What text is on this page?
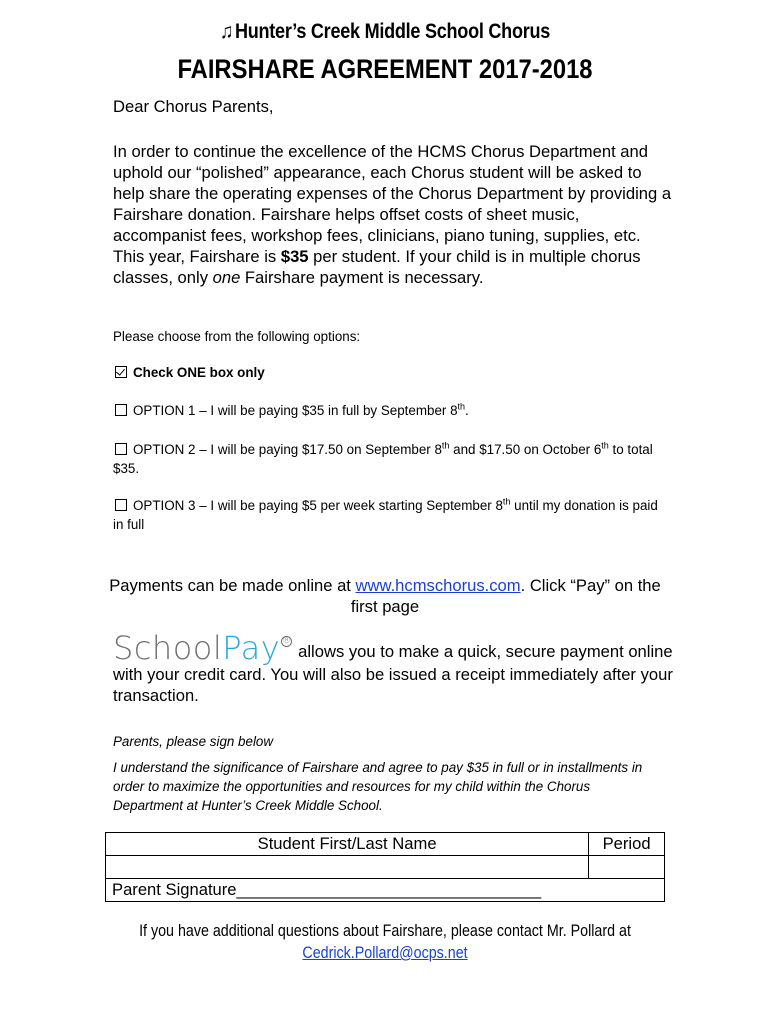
♫Hunter’s Creek Middle School Chorus
FAIRSHARE AGREEMENT 2017-2018
Dear Chorus Parents,
In order to continue the excellence of the HCMS Chorus Department and uphold our “polished” appearance, each Chorus student will be asked to help share the operating expenses of the Chorus Department by providing a Fairshare donation. Fairshare helps offset costs of sheet music, accompanist fees, workshop fees, clinicians, piano tuning, supplies, etc. This year, Fairshare is $35 per student. If your child is in multiple chorus classes, only one Fairshare payment is necessary.
Please choose from the following options:
Check ONE box only
OPTION 1 – I will be paying $35 in full by September 8th.
OPTION 2 – I will be paying $17.50 on September 8th and $17.50 on October 6th to total $35.
OPTION 3 – I will be paying $5 per week starting September 8th until my donation is paid in full
Payments can be made online at www.hcmschorus.com. Click “Pay” on the first page
SchoolPay ®allows you to make a quick, secure payment online with your credit card. You will also be issued a receipt immediately after your transaction.
Parents, please sign below
I understand the significance of Fairshare and agree to pay $35 in full or in installments in order to maximize the opportunities and resources for my child within the Chorus Department at Hunter’s Creek Middle School.
Student First/Last Name	Period

Parent Signature_________________________________	
If you have additional questions about Fairshare, please contact Mr. Pollard at
Cedrick.Pollard@ocps.net
